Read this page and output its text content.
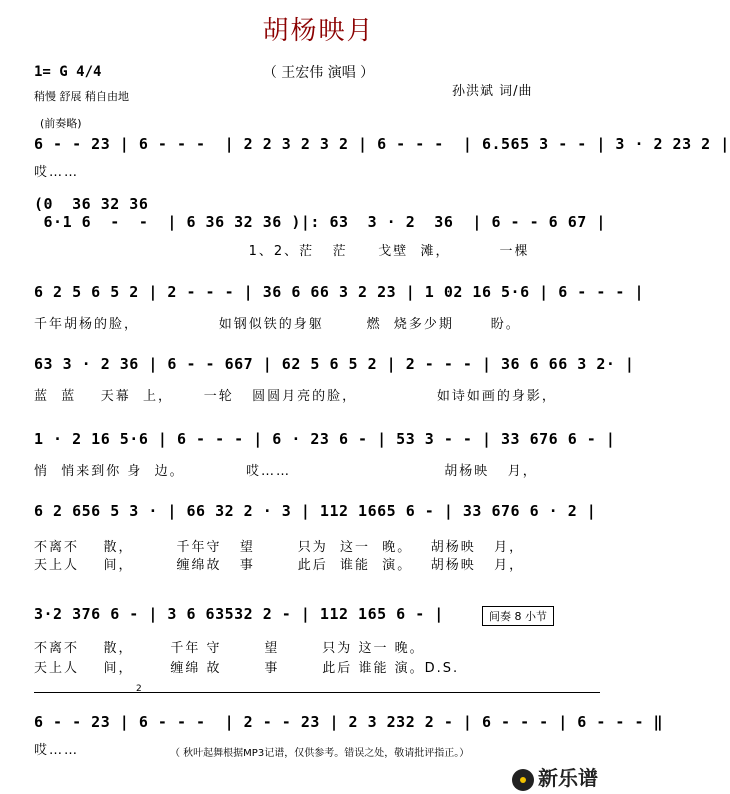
胡杨映月
（ 王宏伟 演唱 ）
1= G 4/4
稍慢 舒展 稍自由地	孙洪斌 词/曲
(前奏略)
6 - - 23 | 6 - - -  | 2 2 3 2 3 2 | 6 - - -  | 6.565 3 - - | 3 · 2 23 2 |
哎……
(0  36 32 36
6·1 6  -  -  | 6 36 32 36 )|: 63  3 · 2  36  | 6 - - 6 67 |
1、2、茫   茫     戈壁  滩，        一棵
6 2 5 6 5 2 | 2 - - - | 36 6 66 3 2 23 | 1 02 16 5·6 | 6 - - - |
千年胡杨的脸，             如钢似铁的身躯       燃  烧多少期      盼。
63 3 · 2 36 | 6 - - 667 | 62 5 6 5 2 | 2 - - - | 36 6 66 3 2· |
蓝  蓝    天幕  上，     一轮   圆圆月亮的脸，             如诗如画的身影，
1 · 2 16 5·6 | 6 - - - | 6 · 23 6 - | 53 3 - - | 33 676 6 - |
悄  悄来到你 身  边。          哎……                         胡杨映   月，
6 2 656 5 3 · | 66 32 2 · 3 | 112 1665 6 - | 33 676 6 · 2 |
不离不    散，       千年守   望       只为  这一  晚。   胡杨映   月，
天上人    间，       缠绵故   事       此后  谁能  演。   胡杨映   月，
3·2 376 6 - | 3 6 63532 2 - | 112 165 6 - |	间奏 8 小节
不离不    散，      千年 守       望       只为 这一 晚。
天上人    间，      缠绵 故       事       此后 谁能 演。D.S.
2
6 - - 23 | 6 - - -  | 2 - - 23 | 2 3 232 2 - | 6 - - - | 6 - - - ‖
哎……	（ 秋叶起舞根据MP3记谱，仅供参考。错误之处，敬请批评指正。）
新乐谱
